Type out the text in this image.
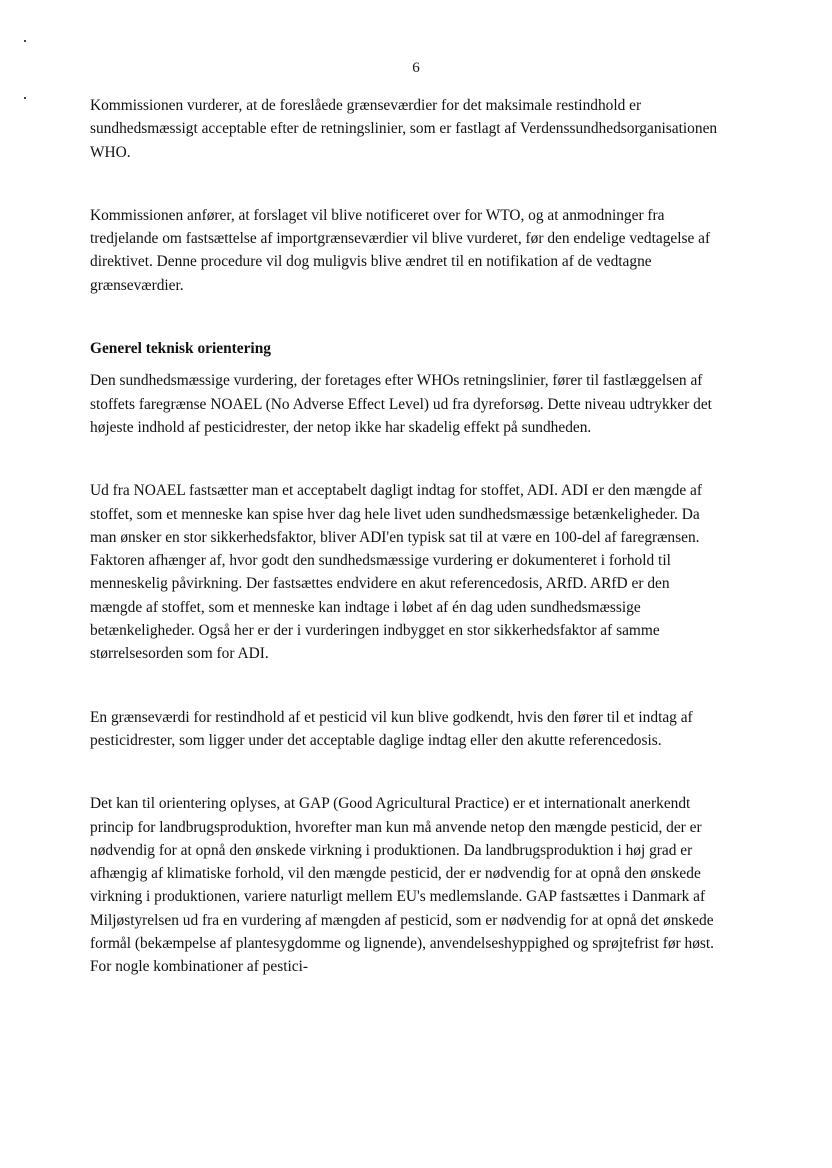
6

Kommissionen vurderer, at de foreslåede grænseværdier for det maksimale restindhold er sundhedsmæssigt acceptable efter de retningslinier, som er fastlagt af Verdenssundhedsorganisationen WHO.

Kommissionen anfører, at forslaget vil blive notificeret over for WTO, og at anmodninger fra tredjelande om fastsættelse af importgrænseværdier vil blive vurderet, før den endelige vedtagelse af direktivet. Denne procedure vil dog muligvis blive ændret til en notifikation af de vedtagne grænseværdier.

Generel teknisk orientering

Den sundhedsmæssige vurdering, der foretages efter WHOs retningslinier, fører til fastlæggelsen af stoffets faregrænse NOAEL (No Adverse Effect Level) ud fra dyreforsøg. Dette niveau udtrykker det højeste indhold af pesticidrester, der netop ikke har skadelig effekt på sundheden.

Ud fra NOAEL fastsætter man et acceptabelt dagligt indtag for stoffet, ADI. ADI er den mængde af stoffet, som et menneske kan spise hver dag hele livet uden sundhedsmæssige betænkeligheder. Da man ønsker en stor sikkerhedsfaktor, bliver ADI'en typisk sat til at være en 100-del af faregrænsen. Faktoren afhænger af, hvor godt den sundhedsmæssige vurdering er dokumenteret i forhold til menneskelig påvirkning. Der fastsættes endvidere en akut referencedosis, ARfD. ARfD er den mængde af stoffet, som et menneske kan indtage i løbet af én dag uden sundhedsmæssige betænkeligheder. Også her er der i vurderingen indbygget en stor sikkerhedsfaktor af samme størrelsesorden som for ADI.

En grænseværdi for restindhold af et pesticid vil kun blive godkendt, hvis den fører til et indtag af pesticidrester, som ligger under det acceptable daglige indtag eller den akutte referencedosis.

Det kan til orientering oplyses, at GAP (Good Agricultural Practice) er et internationalt anerkendt princip for landbrugsproduktion, hvorefter man kun må anvende netop den mængde pesticid, der er nødvendig for at opnå den ønskede virkning i produktionen. Da landbrugsproduktion i høj grad er afhængig af klimatiske forhold, vil den mængde pesticid, der er nødvendig for at opnå den ønskede virkning i produktionen, variere naturligt mellem EU's medlemslande. GAP fastsættes i Danmark af Miljøstyrelsen ud fra en vurdering af mængden af pesticid, som er nødvendig for at opnå det ønskede formål (bekæmpelse af plantesygdomme og lignende), anvendelseshyppighed og sprøjtefrist før høst. For nogle kombinationer af pestici-
